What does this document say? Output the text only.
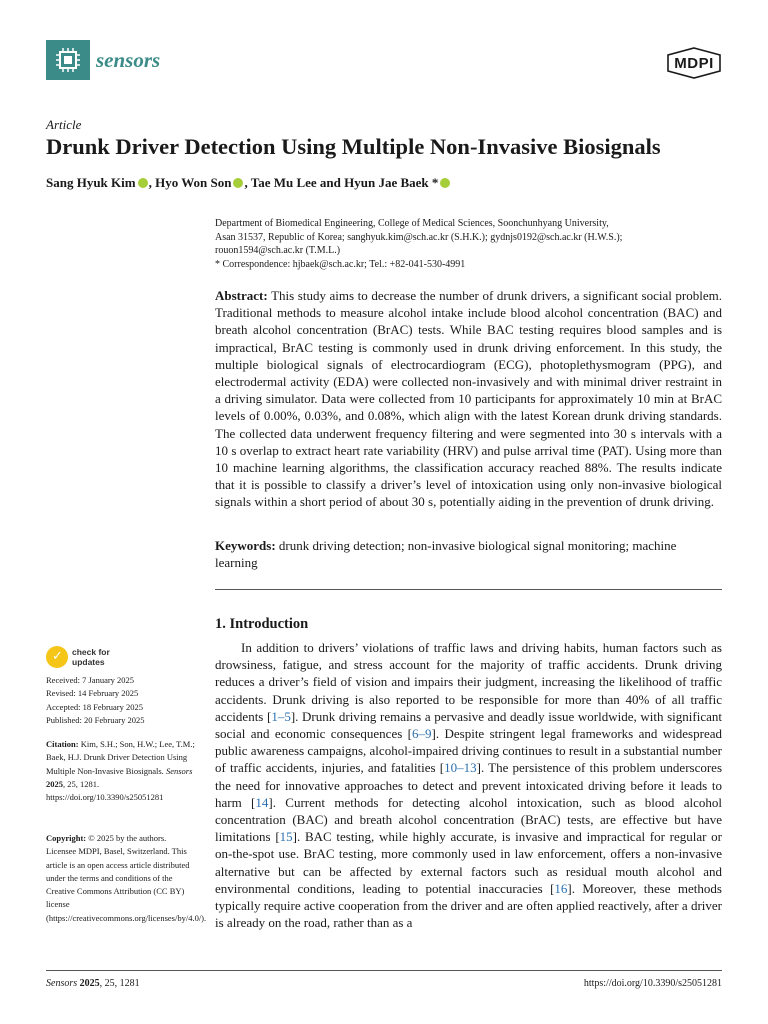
sensors	MDPI
Article
Drunk Driver Detection Using Multiple Non-Invasive Biosignals
Sang Hyuk Kim , Hyo Won Son , Tae Mu Lee and Hyun Jae Baek *

Department of Biomedical Engineering, College of Medical Sciences, Soonchunhyang University,

Asan 31537, Republic of Korea; sanghyuk.kim@sch.ac.kr (S.H.K.); gydnjs0192@sch.ac.kr (H.W.S.);

rouon1594@sch.ac.kr (T.M.L.)

* Correspondence: hjbaek@sch.ac.kr; Tel.: +82-041-530-4991

Abstract: This study aims to decrease the number of drunk drivers, a significant social problem. Traditional methods to measure alcohol intake include blood alcohol concentration (BAC) and breath alcohol concentration (BrAC) tests. While BAC testing requires blood samples and is impractical, BrAC testing is commonly used in drunk driving enforcement. In this study, the multiple biological signals of electrocardiogram (ECG), photoplethysmogram (PPG), and electrodermal activity (EDA) were collected non-invasively and with minimal driver restraint in a driving simulator. Data were collected from 10 participants for approximately 10 min at BrAC levels of 0.00%, 0.03%, and 0.08%, which align with the latest Korean drunk driving standards. The collected data underwent frequency filtering and were segmented into 30 s intervals with a 10 s overlap to extract heart rate variability (HRV) and pulse arrival time (PAT). Using more than 10 machine learning algorithms, the classification accuracy reached 88%. The results indicate that it is possible to classify a driver’s level of intoxication using only non-invasive biological signals within a short period of about 30 s, potentially aiding in the prevention of drunk driving.
Keywords: drunk driving detection; non-invasive biological signal monitoring; machine learning
1. Introduction

In addition to drivers’ violations of traffic laws and driving habits, human factors such as drowsiness, fatigue, and stress account for the majority of traffic accidents. Drunk driving reduces a driver’s field of vision and impairs their judgment, increasing the likelihood of traffic accidents. Drunk driving is also reported to be responsible for more than 40% of all traffic accidents [1–5]. Drunk driving remains a pervasive and deadly issue worldwide, with significant social and economic consequences [6–9]. Despite stringent legal frameworks and widespread public awareness campaigns, alcohol-impaired driving continues to result in a substantial number of traffic accidents, injuries, and fatalities [10–13]. The persistence of this problem underscores the need for innovative approaches to detect and prevent intoxicated driving before it leads to harm [14]. Current methods for detecting alcohol intoxication, such as blood alcohol concentration (BAC) and breath alcohol concentration (BrAC) tests, are effective but have limitations [15]. BAC testing, while highly accurate, is invasive and impractical for regular or on-the-spot use. BrAC testing, more commonly used in law enforcement, offers a non-invasive alternative but can be affected by external factors such as residual mouth alcohol and environmental conditions, leading to potential inaccuracies [16]. Moreover, these methods typically require active cooperation from the driver and are often applied reactively, after a driver is already on the road, rather than as a

✓ check for
updates

Received: 7 January 2025

Revised: 14 February 2025

Accepted: 18 February 2025

Published: 20 February 2025

Citation: Kim, S.H.; Son, H.W.; Lee, T.M.; Baek, H.J. Drunk Driver Detection Using Multiple Non-Invasive Biosignals. Sensors 2025, 25, 1281. https://doi.org/10.3390/s25051281
Copyright: © 2025 by the authors. Licensee MDPI, Basel, Switzerland. This article is an open access article distributed under the terms and conditions of the Creative Commons Attribution (CC BY) license (https://creativecommons.org/licenses/by/4.0/).
Sensors 2025, 25, 1281	https://doi.org/10.3390/s25051281
